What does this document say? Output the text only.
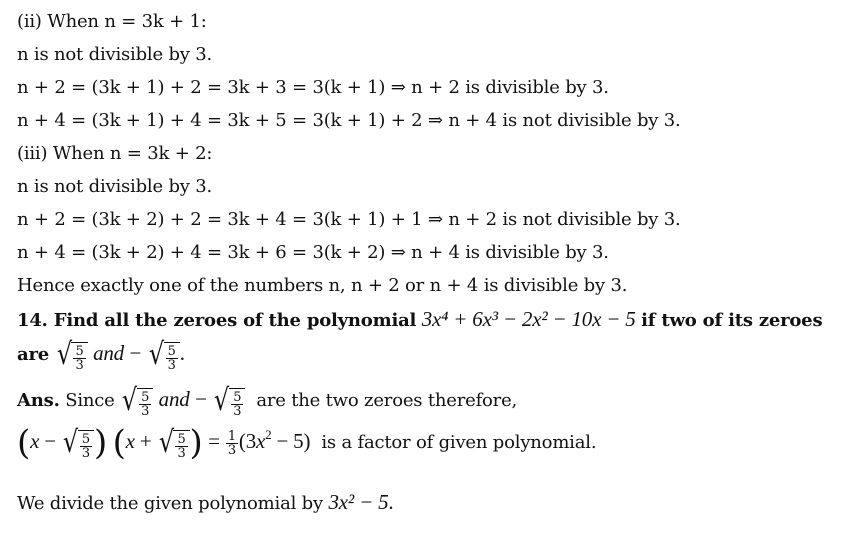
(ii) When n = 3k + 1:
n is not divisible by 3.
n + 2 = (3k + 1) + 2 = 3k + 3 = 3(k + 1) ⇒ n + 2 is divisible by 3.
n + 4 = (3k + 1) + 4 = 3k + 5 = 3(k + 1) + 2 ⇒ n + 4 is not divisible by 3.
(iii) When n = 3k + 2:
n is not divisible by 3.
n + 2 = (3k + 2) + 2 = 3k + 4 = 3(k + 1) + 1 ⇒ n + 2 is not divisible by 3.
n + 4 = (3k + 2) + 4 = 3k + 6 = 3(k + 2) ⇒ n + 4 is divisible by 3.
Hence exactly one of the numbers n, n + 2 or n + 4 is divisible by 3.
14. Find all the zeroes of the polynomial 3x⁴ + 6x³ − 2x² − 10x − 5 if two of its zeroes
are √ $\frac{5}{3}$ and − √ $\frac{5}{3}$ .
Ans. Since √ $\frac{5}{3}$ and − √ $\frac{5}{3}$ are the two zeroes therefore,
(x − √ $\frac{5}{3}$ ) (x + √ $\frac{5}{3}$ ) = $\frac{1}{3} (3x^2 - 5)$ is a factor of given polynomial.
We divide the given polynomial by 3x² − 5.
